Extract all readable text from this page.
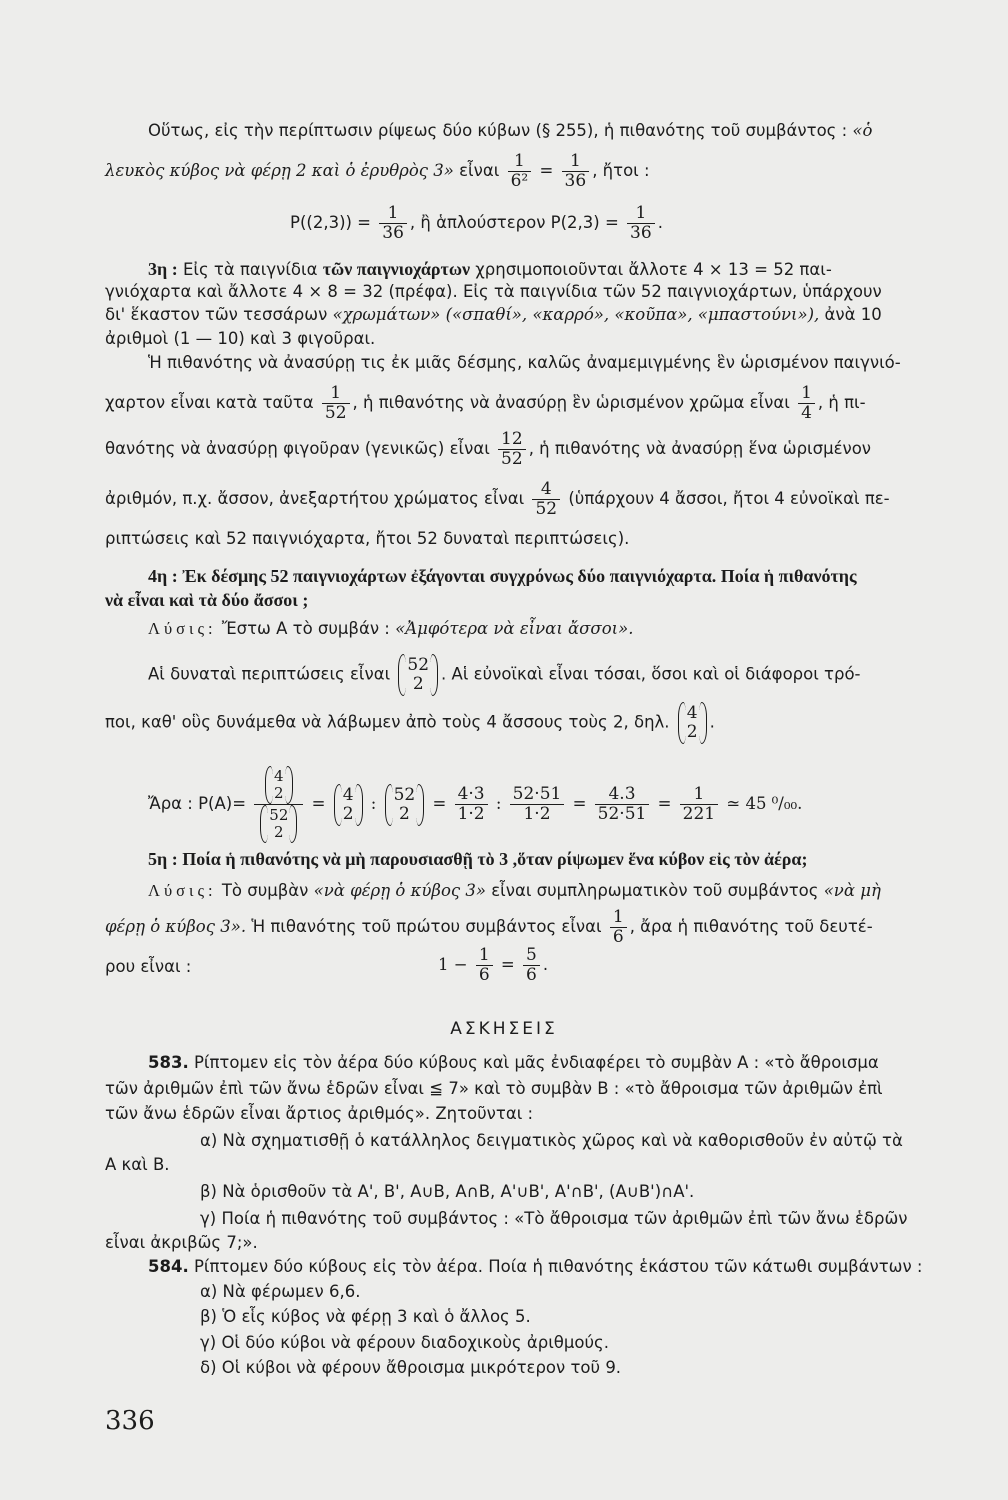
Οὕτως, εἰς τὴν περίπτωσιν ρίψεως δύο κύβων (§ 255), ἡ πιθανότης τοῦ συμβάντος : «ὁ
λευκὸς κύβος νὰ φέρῃ 2 καὶ ὁ ἐρυθρὸς 3» εἶναι $\frac{1}{\text{6²}} = \frac{1}{36}$ , ἤτοι :
$P((2,3)) = \frac{1}{36}$ , ἢ ἁπλούστερον $P(2,3) = \frac{1}{36}$ .
3η : Εἰς τὰ παιγνίδια τῶν παιγνιοχάρτων χρησιμοποιοῦνται ἄλλοτε 4 × 13 = 52 παι-
γνιόχαρτα καὶ ἄλλοτε 4 × 8 = 32 (πρέφα). Εἰς τὰ παιγνίδια τῶν 52 παιγνιοχάρτων, ὑπάρχουν
δι' ἕκαστον τῶν τεσσάρων «χρωμάτων» («σπαθί», «καρρό», «κοῦπα», «μπαστούνι»), ἀνὰ 10
ἀριθμοὶ (1 — 10) καὶ 3 φιγοῦραι.
Ἡ πιθανότης νὰ ἀνασύρῃ τις ἐκ μιᾶς δέσμης, καλῶς ἀναμεμιγμένης ἓν ὡρισμένον παιγνιό-
χαρτον εἶναι κατὰ ταῦτα $\frac{1}{52}$ , ἡ πιθανότης νὰ ἀνασύρῃ ἓν ὡρισμένον χρῶμα εἶναι $\frac{1}{4}$ , ἡ πι-
θανότης νὰ ἀνασύρῃ φιγοῦραν (γενικῶς) εἶναι $\frac{12}{52}$ , ἡ πιθανότης νὰ ἀνασύρῃ ἕνα ὡρισμένον
ἀριθμόν, π.χ. ἄσσον, ἀνεξαρτήτου χρώματος εἶναι $\frac{4}{52}$ (ὑπάρχουν 4 ἄσσοι, ἤτοι 4 εὐνοϊκαὶ πε-
ριπτώσεις καὶ 52 παιγνιόχαρτα, ἤτοι 52 δυναταὶ περιπτώσεις).
4η : Ἐκ δέσμης 52 παιγνιοχάρτων ἐξάγονται συγχρόνως δύο παιγνιόχαρτα. Ποία ἡ πιθανότης
νὰ εἶναι καὶ τὰ δύο ἄσσοι ;
Λύσις: Ἔστω Α τὸ συμβάν : «Ἀμφότερα νὰ εἶναι ἄσσοι».
Αἱ δυναταὶ περιπτώσεις εἶναι 52
2	. Αἱ εὐνοϊκαὶ εἶναι τόσαι, ὅσοι καὶ οἱ διάφοροι τρό-
ποι, καθ' οὓς δυνάμεθα νὰ λάβωμεν ἀπὸ τοὺς 4 ἄσσους τοὺς 2, δηλ. 4
2 .
Ἄρα : P(A)= 4
2
52
2 = 4
2 : 52
2	= $\frac{4\cdot 3}{1\cdot 2}$ : $\frac{52\cdot 51}{1\cdot 2} = \frac{4.3}{52\cdot 51} = \frac{1}{221}$ ≃ 45 ⁰/₀₀.
5η : Ποία ἡ πιθανότης νὰ μὴ παρουσιασθῇ τὸ 3 ,ὅταν ρίψωμεν ἕνα κύβον εἰς τὸν ἀέρα;
Λύσις: Τὸ συμβὰν «νὰ φέρῃ ὁ κύβος 3» εἶναι συμπληρωματικὸν τοῦ συμβάντος «νὰ μὴ
φέρῃ ὁ κύβος 3». Ἡ πιθανότης τοῦ πρώτου συμβάντος εἶναι $\frac{1}{6}$ , ἄρα ἡ πιθανότης τοῦ δευτέ-
ρου εἶναι :	$1 - \frac{1}{6} = \frac{5}{6}$ .
ΑΣΚΗΣΕΙΣ
583. Ρίπτομεν εἰς τὸν ἀέρα δύο κύβους καὶ μᾶς ἐνδιαφέρει τὸ συμβὰν Α : «τὸ ἄθροισμα
τῶν ἀριθμῶν ἐπὶ τῶν ἄνω ἑδρῶν εἶναι ≦ 7» καὶ τὸ συμβὰν Β : «τὸ ἄθροισμα τῶν ἀριθμῶν ἐπὶ
τῶν ἄνω ἑδρῶν εἶναι ἄρτιος ἀριθμός». Ζητοῦνται :
α) Νὰ σχηματισθῇ ὁ κατάλληλος δειγματικὸς χῶρος καὶ νὰ καθορισθοῦν ἐν αὐτῷ τὰ
Α καὶ Β.
β) Νὰ ὁρισθοῦν τὰ Α', Β', Α∪Β, Α∩Β, Α'∪Β', Α'∩Β', (Α∪Β')∩Α'.
γ) Ποία ἡ πιθανότης τοῦ συμβάντος : «Τὸ ἄθροισμα τῶν ἀριθμῶν ἐπὶ τῶν ἄνω ἑδρῶν
εἶναι ἀκριβῶς 7;».
584. Ρίπτομεν δύο κύβους εἰς τὸν ἀέρα. Ποία ἡ πιθανότης ἑκάστου τῶν κάτωθι συμβάντων :
α) Νὰ φέρωμεν 6,6.
β) Ὁ εἷς κύβος νὰ φέρῃ 3 καὶ ὁ ἄλλος 5.
γ) Οἱ δύο κύβοι νὰ φέρουν διαδοχικοὺς ἀριθμούς.
δ) Οἱ κύβοι νὰ φέρουν ἄθροισμα μικρότερον τοῦ 9.
336
